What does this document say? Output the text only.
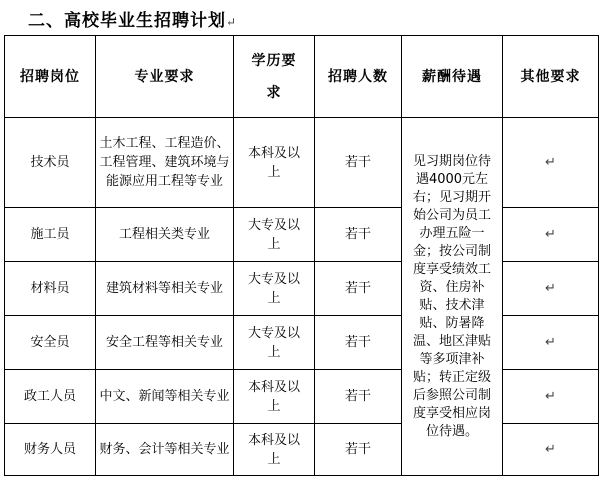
二、高校毕业生招聘计划↵
招聘岗位	专业要求	学历要求	招聘人数	薪酬待遇	其他要求
技术员	土木工程、工程造价、工程管理、建筑环境与能源应用工程等专业	本科及以上	若干	见习期岗位待遇4000元左右；见习期开始公司为员工办理五险一金；按公司制度享受绩效工资、住房补贴、技术津贴、防暑降温、地区津贴等多项津补贴；转正定级后参照公司制度享受相应岗位待遇。	↵
施工员	工程相关类专业	大专及以上	若干		↵
材料员	建筑材料等相关专业	大专及以上	若干		↵
安全员	安全工程等相关专业	大专及以上	若干		↵
政工人员	中文、新闻等相关专业	本科及以上	若干		↵
财务人员	财务、会计等相关专业	本科及以上	若干		↵
